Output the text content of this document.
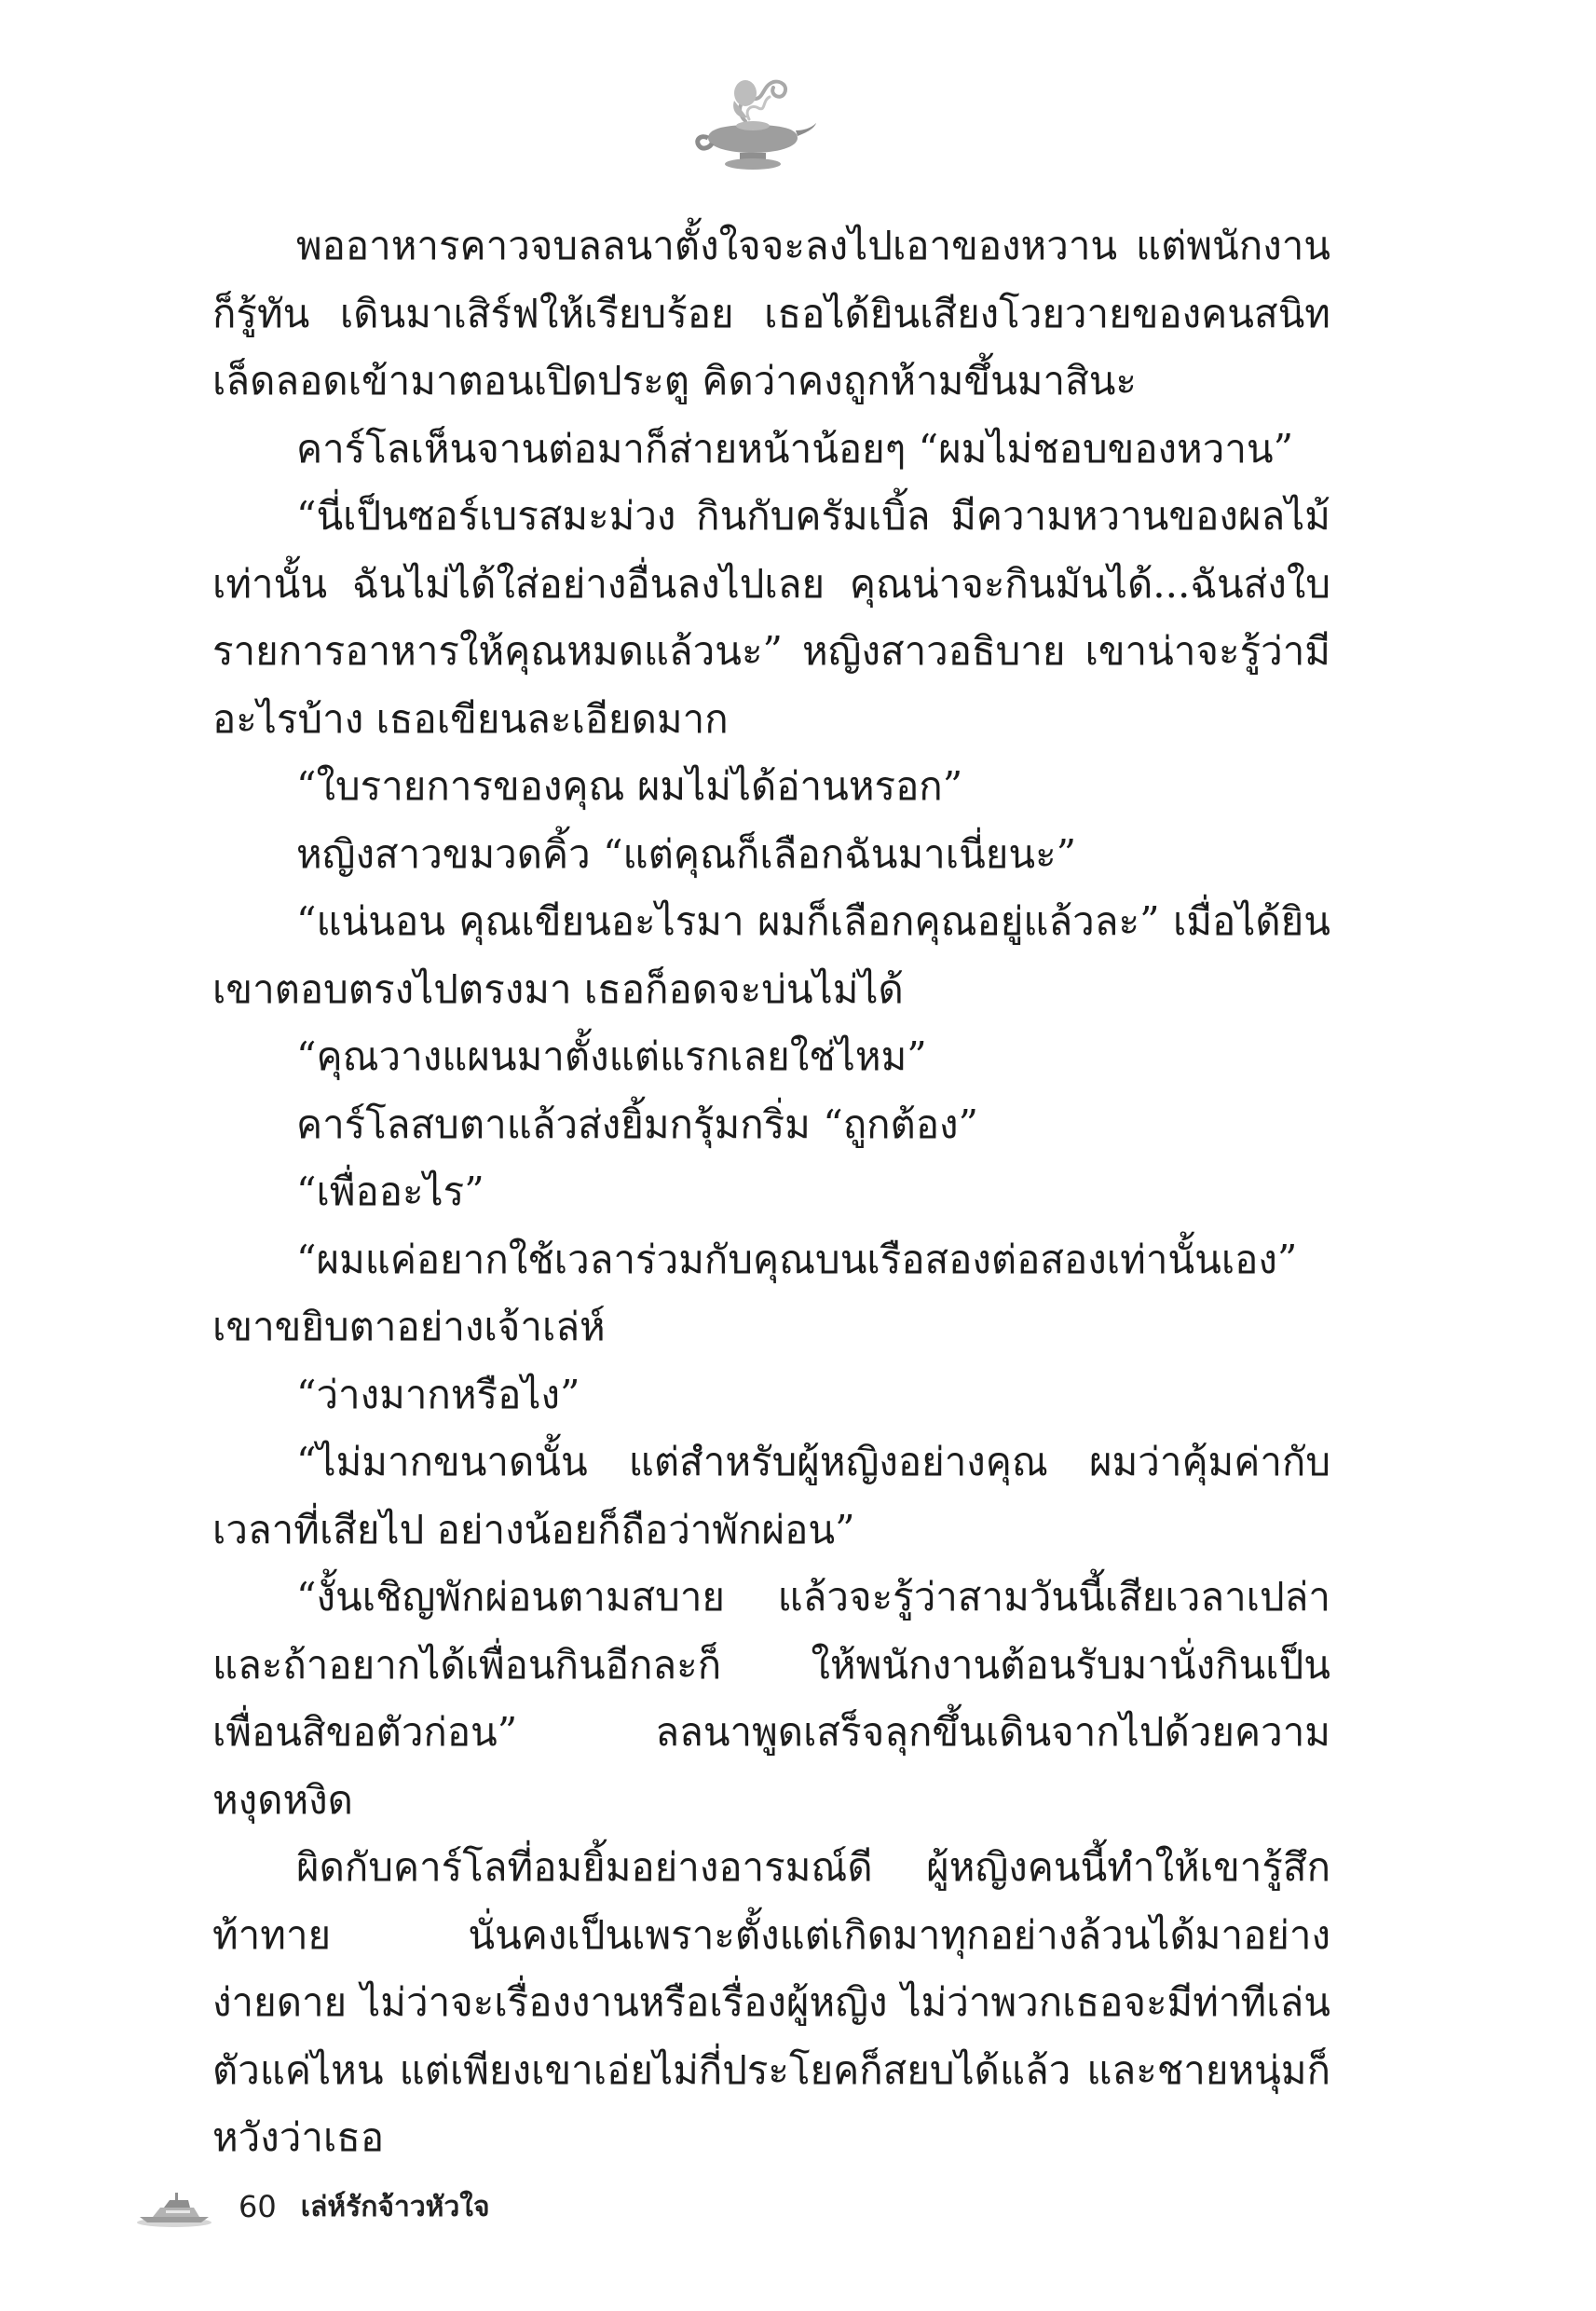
พออาหารคาวจบลลนาตั้งใจจะลงไปเอาของหวาน แต่พนักงานก็รู้ทัน เดินมาเสิร์ฟให้เรียบร้อย เธอได้ยินเสียงโวยวายของคนสนิทเล็ดลอดเข้ามาตอนเปิดประตู คิดว่าคงถูกห้ามขึ้นมาสินะ

คาร์โลเห็นจานต่อมาก็ส่ายหน้าน้อยๆ “ผมไม่ชอบของหวาน”

“นี่เป็นซอร์เบรสมะม่วง กินกับครัมเบิ้ล มีความหวานของผลไม้เท่านั้น ฉันไม่ได้ใส่อย่างอื่นลงไปเลย คุณน่าจะกินมันได้...ฉันส่งใบรายการอาหารให้คุณหมดแล้วนะ” หญิงสาวอธิบาย เขาน่าจะรู้ว่ามีอะไรบ้าง เธอเขียนละเอียดมาก

“ใบรายการของคุณ ผมไม่ได้อ่านหรอก”

หญิงสาวขมวดคิ้ว “แต่คุณก็เลือกฉันมาเนี่ยนะ”

“แน่นอน คุณเขียนอะไรมา ผมก็เลือกคุณอยู่แล้วละ” เมื่อได้ยินเขาตอบตรงไปตรงมา เธอก็อดจะบ่นไม่ได้

“คุณวางแผนมาตั้งแต่แรกเลยใช่ไหม”

คาร์โลสบตาแล้วส่งยิ้มกรุ้มกริ่ม “ถูกต้อง”

“เพื่ออะไร”

“ผมแค่อยากใช้เวลาร่วมกับคุณบนเรือสองต่อสองเท่านั้นเอง” เขาขยิบตาอย่างเจ้าเล่ห์

“ว่างมากหรือไง”

“ไม่มากขนาดนั้น แต่สำหรับผู้หญิงอย่างคุณ ผมว่าคุ้มค่ากับเวลาที่เสียไป อย่างน้อยก็ถือว่าพักผ่อน”

“งั้นเชิญพักผ่อนตามสบาย แล้วจะรู้ว่าสามวันนี้เสียเวลาเปล่า และถ้าอยากได้เพื่อนกินอีกละก็ ให้พนักงานต้อนรับมานั่งกินเป็นเพื่อนสิขอตัวก่อน” ลลนาพูดเสร็จลุกขึ้นเดินจากไปด้วยความหงุดหงิด

ผิดกับคาร์โลที่อมยิ้มอย่างอารมณ์ดี ผู้หญิงคนนี้ทำให้เขารู้สึกท้าทาย นั่นคงเป็นเพราะตั้งแต่เกิดมาทุกอย่างล้วนได้มาอย่างง่ายดาย ไม่ว่าจะเรื่องงานหรือเรื่องผู้หญิง ไม่ว่าพวกเธอจะมีท่าทีเล่นตัวแค่ไหน แต่เพียงเขาเอ่ยไม่กี่ประโยคก็สยบได้แล้ว และชายหนุ่มก็หวังว่าเธอ

60 เล่ห์รักจ้าวหัวใจ
